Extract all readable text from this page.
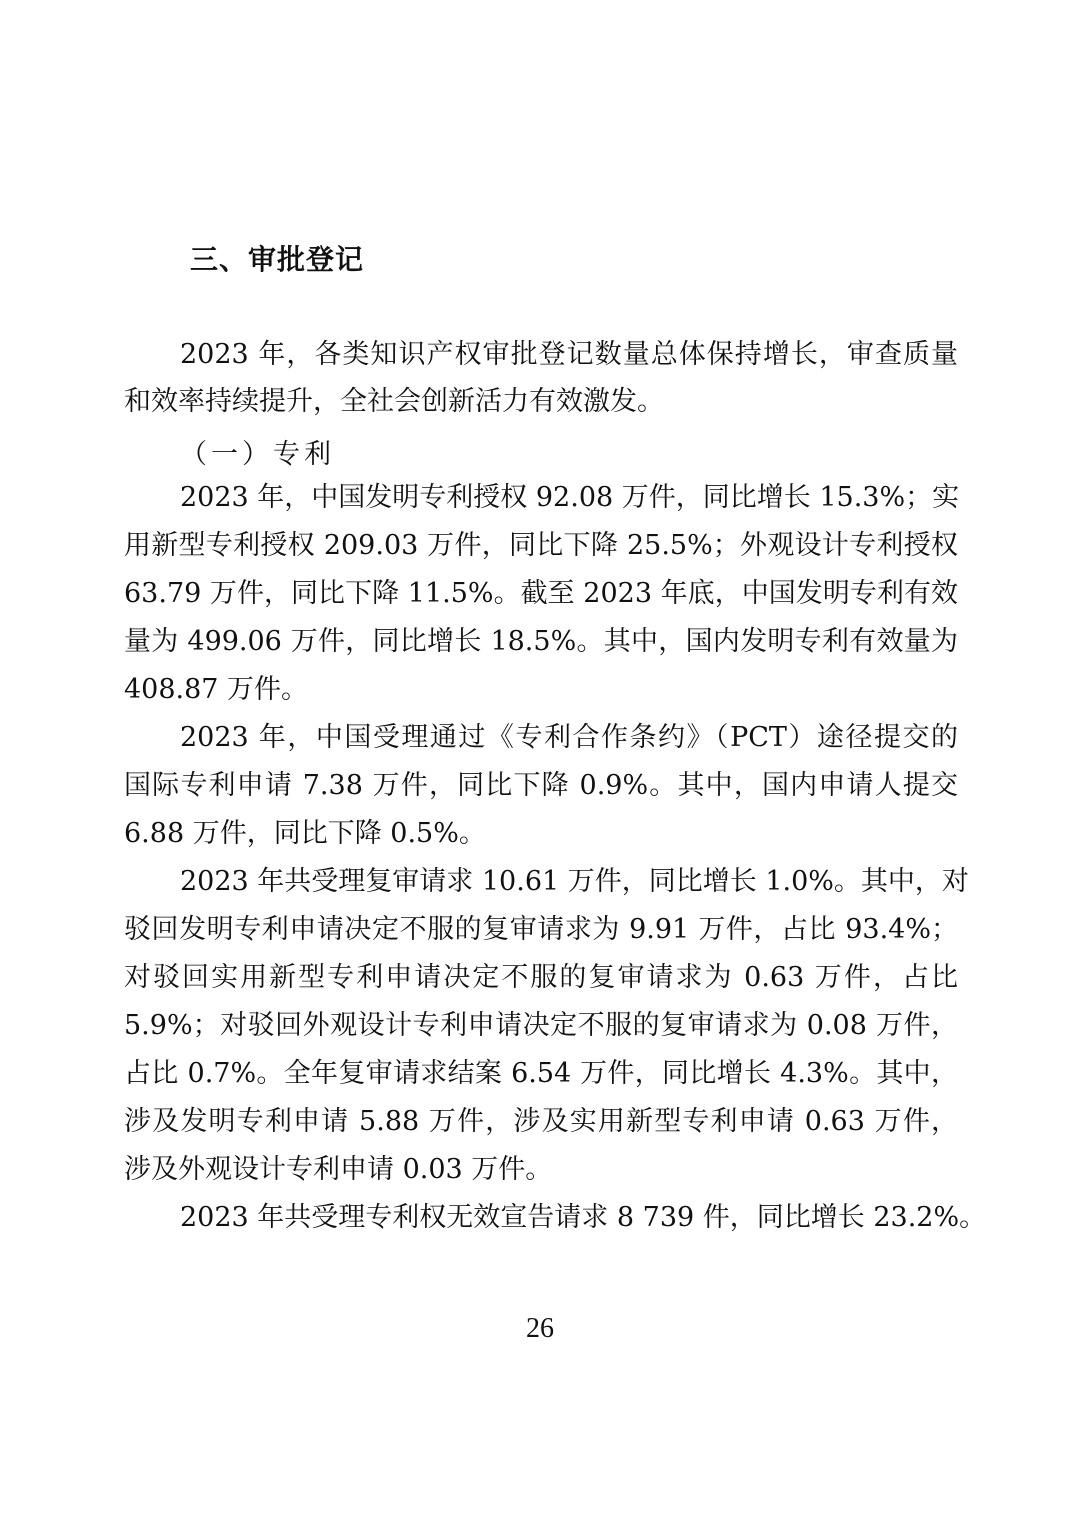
三、审批登记
2023 年，各类知识产权审批登记数量总体保持增长，审查质量
和效率持续提升，全社会创新活力有效激发。
（一）专利
2023 年，中国发明专利授权 92.08 万件，同比增长 15.3%；实
用新型专利授权 209.03 万件，同比下降 25.5%；外观设计专利授权
63.79 万件，同比下降 11.5%。截至 2023 年底，中国发明专利有效
量为 499.06 万件，同比增长 18.5%。其中，国内发明专利有效量为
408.87 万件。
2023 年，中国受理通过《专利合作条约》（PCT）途径提交的
国际专利申请 7.38 万件，同比下降 0.9%。其中，国内申请人提交
6.88 万件，同比下降 0.5%。
2023 年共受理复审请求 10.61 万件，同比增长 1.0%。其中，对
驳回发明专利申请决定不服的复审请求为 9.91 万件，占比 93.4%；
对驳回实用新型专利申请决定不服的复审请求为 0.63 万件，占比
5.9%；对驳回外观设计专利申请决定不服的复审请求为 0.08 万件，
占比 0.7%。全年复审请求结案 6.54 万件，同比增长 4.3%。其中，
涉及发明专利申请 5.88 万件，涉及实用新型专利申请 0.63 万件，
涉及外观设计专利申请 0.03 万件。
2023 年共受理专利权无效宣告请求 8 739 件，同比增长 23.2%。
26
